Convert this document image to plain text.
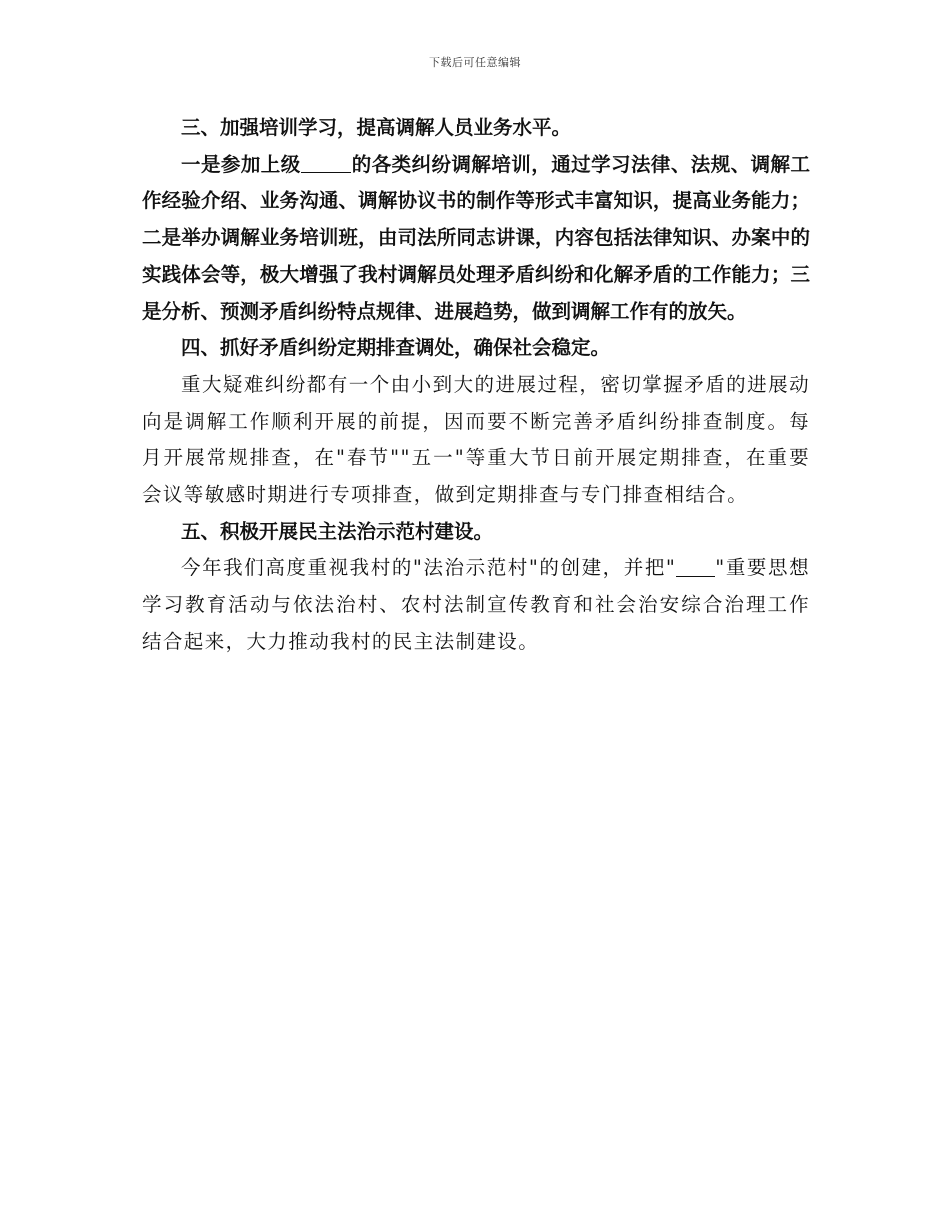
下载后可任意编辑

三、加强培训学习，提高调解人员业务水平。

一是参加上级	的各类纠纷调解培训，通过学习法律、法规、调解工作经验介绍、业务沟通、调解协议书的制作等形式丰富知识，提高业务能力；二是举办调解业务培训班，由司法所同志讲课，内容包括法律知识、办案中的实践体会等，极大增强了我村调解员处理矛盾纠纷和化解矛盾的工作能力；三是分析、预测矛盾纠纷特点规律、进展趋势，做到调解工作有的放矢。

四、抓好矛盾纠纷定期排查调处，确保社会稳定。

重大疑难纠纷都有一个由小到大的进展过程，密切掌握矛盾的进展动向是调解工作顺利开展的前提，因而要不断完善矛盾纠纷排查制度。每月开展常规排查，在"春节""五一"等重大节日前开展定期排查，在重要会议等敏感时期进行专项排查，做到定期排查与专门排查相结合。

五、积极开展民主法治示范村建设。

今年我们高度重视我村的"法治示范村"的创建，并把" "重要思想学习教育活动与依法治村、农村法制宣传教育和社会治安综合治理工作结合起来，大力推动我村的民主法制建设。
